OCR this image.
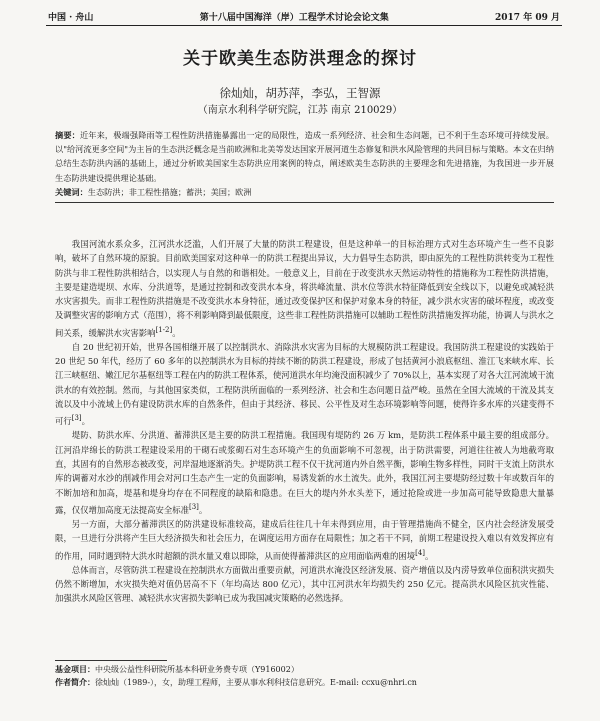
中国 · 舟山	第十八届中国海洋（岸）工程学术讨论会论文集	2017 年 09 月
关于欧美生态防洪理念的探讨
徐灿灿，胡苏萍，李弘，王智源
（南京水利科学研究院，江苏 南京 210029）
摘要：近年来，极端强降雨等工程性防洪措施暴露出一定的局限性，造成一系列经济、社会和生态问题，已不利于生态环境可持续发展。以"给河流更多空间"为主旨的生态洪泛概念是当前欧洲和北美等发达国家开展河道生态修复和洪水风险管理的共同目标与策略。本文在归纳总结生态防洪内涵的基础上，通过分析欧美国家生态防洪应用案例的特点，阐述欧美生态防洪的主要理念和先进措施，为我国进一步开展生态防洪建设提供理论基础。
关键词：生态防洪；非工程性措施；蓄洪；美国；欧洲

我国河流水系众多，江河洪水泛滥，人们开展了大量的防洪工程建设，但是这种单一的目标治理方式对生态环境产生一些不良影响，破坏了自然环境的原貌。目前欧美国家对这种单一的防洪工程提出异议，大力倡导生态防洪，即由原先的工程性防洪转变为工程性防洪与非工程性防洪相结合，以实现人与自然的和谐相处。一般意义上，目前在于改变洪水天然运动特性的措施称为工程性防洪措施，主要是建造堤坝、水库、分洪道等，是通过控制和改变洪水本身，将洪峰流量、洪水位等洪水特征降低到安全线以下，以避免或减轻洪水灾害损失。而非工程性防洪措施是不改变洪水本身特征，通过改变保护区和保护对象本身的特征，减少洪水灾害的破坏程度，或改变及调整灾害的影响方式（范围），将不利影响降到最低限度，这些非工程性防洪措施可以辅助工程性防洪措施发挥功能，协调人与洪水之间关系，缓解洪水灾害影响[1-2]。

自 20 世纪初开始，世界各国相继开展了以控制洪水、消除洪水灾害为目标的大规模防洪工程建设。我国防洪工程建设的实践始于 20 世纪 50 年代，经历了 60 多年的以控制洪水为目标的持续不断的防洪工程建设，形成了包括黄河小浪底枢纽、淮江飞来峡水库、长江三峡枢纽、嫩江尼尔基枢纽等工程在内的防洪工程体系，使河道洪水年均淹没面积减少了 70%以上，基本实现了对各大江河流域干流洪水的有效控制。然而，与其他国家类似，工程防洪所面临的一系列经济、社会和生态问题日益严峻。虽然在全国大流域的干流及其支流以及中小流域上仍有建设防洪水库的自然条件，但由于其经济、移民、公平性及对生态环境影响等问题，使得许多水库的兴建变得不可行[3]。

堤防、防洪水库、分洪道、蓄滞洪区是主要的防洪工程措施。我国现有堤防约 26 万 km，是防洪工程体系中最主要的组成部分。江河沿岸绵长的防洪工程建设采用的干砌石或浆砌石对生态环境产生的负面影响不可忽视，出于防洪需要，河道往往被人为地截弯取直，其固有的自然形态被改变，河岸湿地逐渐消失。护堤防洪工程不仅干扰河道内外自然平衡，影响生物多样性，同时干支流上防洪水库的调蓄对水沙的削减作用会对河口生态产生一定的负面影响，易诱发新的水土流失。此外，我国江河主要堤防经过数十年或数百年的不断加培和加高，堤基和堤身均存在不同程度的缺陷和隐患。在巨大的堤内外水头差下，通过抢险或进一步加高可能导致隐患大量暴露，仅仅增加高度无法提高安全标准[3]。

另一方面，大部分蓄滞洪区的防洪建设标准较高，建成后往往几十年未得到应用，由于管理措施尚不健全，区内社会经济发展受限，一旦进行分洪将产生巨大经济损失和社会压力，在调度运用方面存在局限性；加之若干不同，前期工程建设投入难以有效发挥应有的作用，同时遇到特大洪水时超额的洪水量又难以即除，从而使得蓄滞洪区的应用面临两难的困境[4]。

总体而言，尽管防洪工程建设在控制洪水方面做出重要贡献，河道洪水淹没区经济发展、资产增值以及内涝导致单位面积洪灾损失仍然不断增加，水灾损失绝对值仍居高不下（年均高达 800 亿元），其中江河洪水年均损失约 250 亿元。提高洪水风险区抗灾性能、加强洪水风险区管理、减轻洪水灾害损失影响已成为我国减灾策略的必然选择。

基金项目：中央级公益性科研院所基本科研业务费专项（Y916002）
作者简介：徐灿灿（1989-），女，助理工程师，主要从事水利科技信息研究。E-mail: ccxu@nhri.cn
